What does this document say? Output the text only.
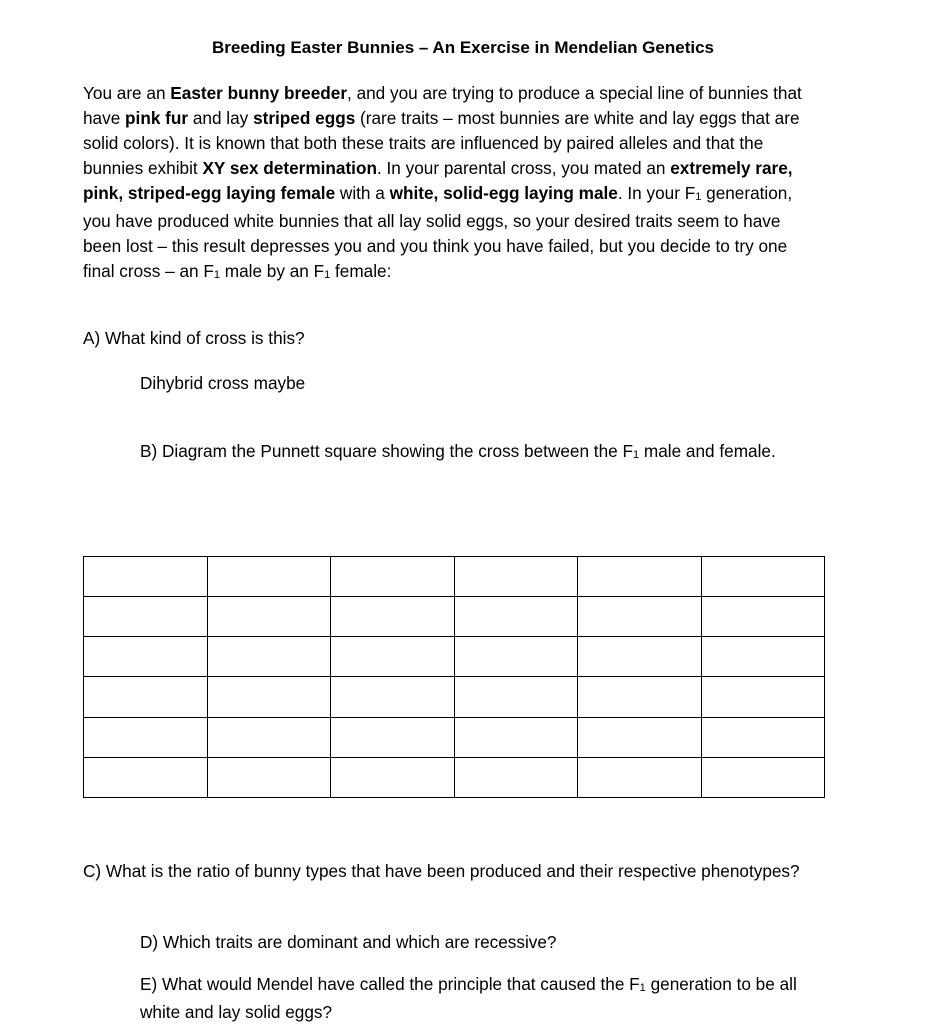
Breeding Easter Bunnies – An Exercise in Mendelian Genetics
You are an Easter bunny breeder, and you are trying to produce a special line of bunnies that have pink fur and lay striped eggs (rare traits – most bunnies are white and lay eggs that are solid colors). It is known that both these traits are influenced by paired alleles and that the bunnies exhibit XY sex determination. In your parental cross, you mated an extremely rare, pink, striped-egg laying female with a white, solid-egg laying male. In your F1 generation, you have produced white bunnies that all lay solid eggs, so your desired traits seem to have been lost – this result depresses you and you think you have failed, but you decide to try one final cross – an F1 male by an F1 female:
A) What kind of cross is this?
Dihybrid cross maybe
B) Diagram the Punnett square showing the cross between the F1 male and female.

C) What is the ratio of bunny types that have been produced and their respective phenotypes?
D) Which traits are dominant and which are recessive?
E) What would Mendel have called the principle that caused the F1 generation to be all white and lay solid eggs?
